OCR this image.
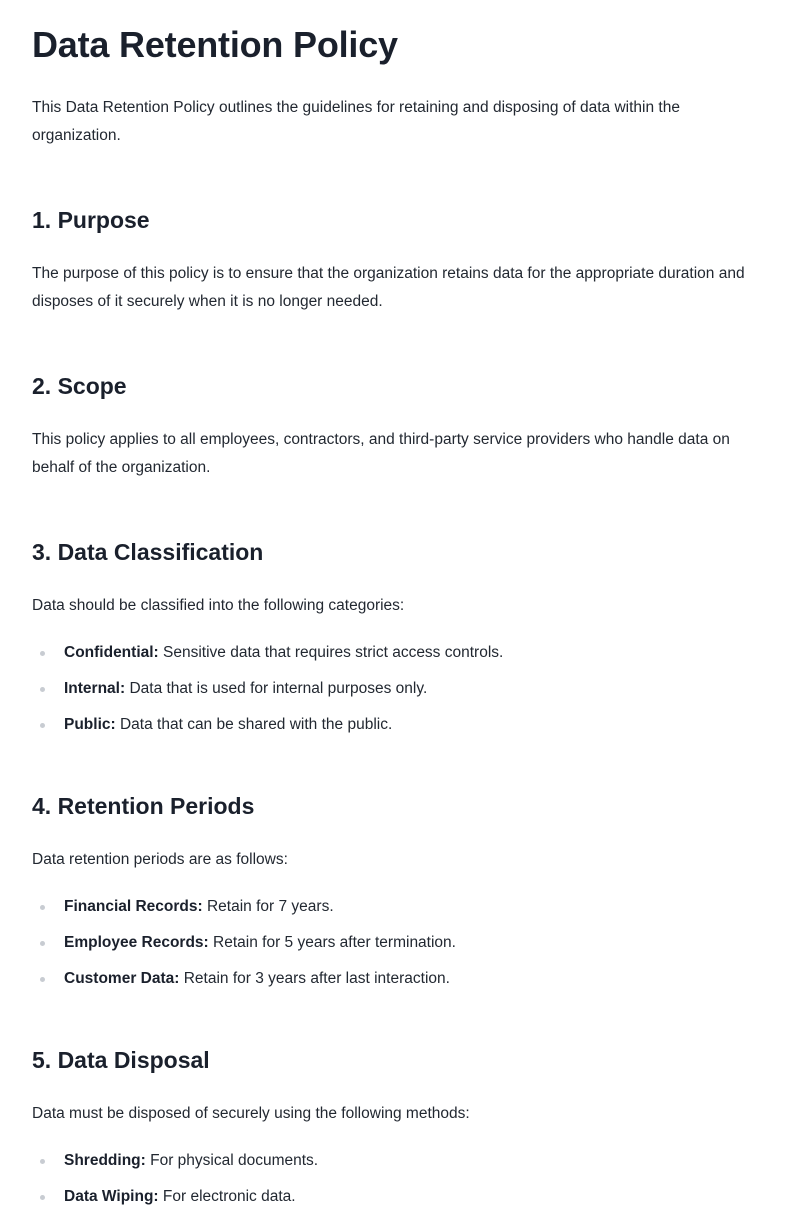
Data Retention Policy

This Data Retention Policy outlines the guidelines for retaining and disposing of data within the organization.

1. Purpose

The purpose of this policy is to ensure that the organization retains data for the appropriate duration and disposes of it securely when it is no longer needed.

2. Scope

This policy applies to all employees, contractors, and third-party service providers who handle data on behalf of the organization.

3. Data Classification

Data should be classified into the following categories:

Confidential: Sensitive data that requires strict access controls.
Internal: Data that is used for internal purposes only.
Public: Data that can be shared with the public.
4. Retention Periods

Data retention periods are as follows:

Financial Records: Retain for 7 years.
Employee Records: Retain for 5 years after termination.
Customer Data: Retain for 3 years after last interaction.
5. Data Disposal

Data must be disposed of securely using the following methods:

Shredding: For physical documents.
Data Wiping: For electronic data.
